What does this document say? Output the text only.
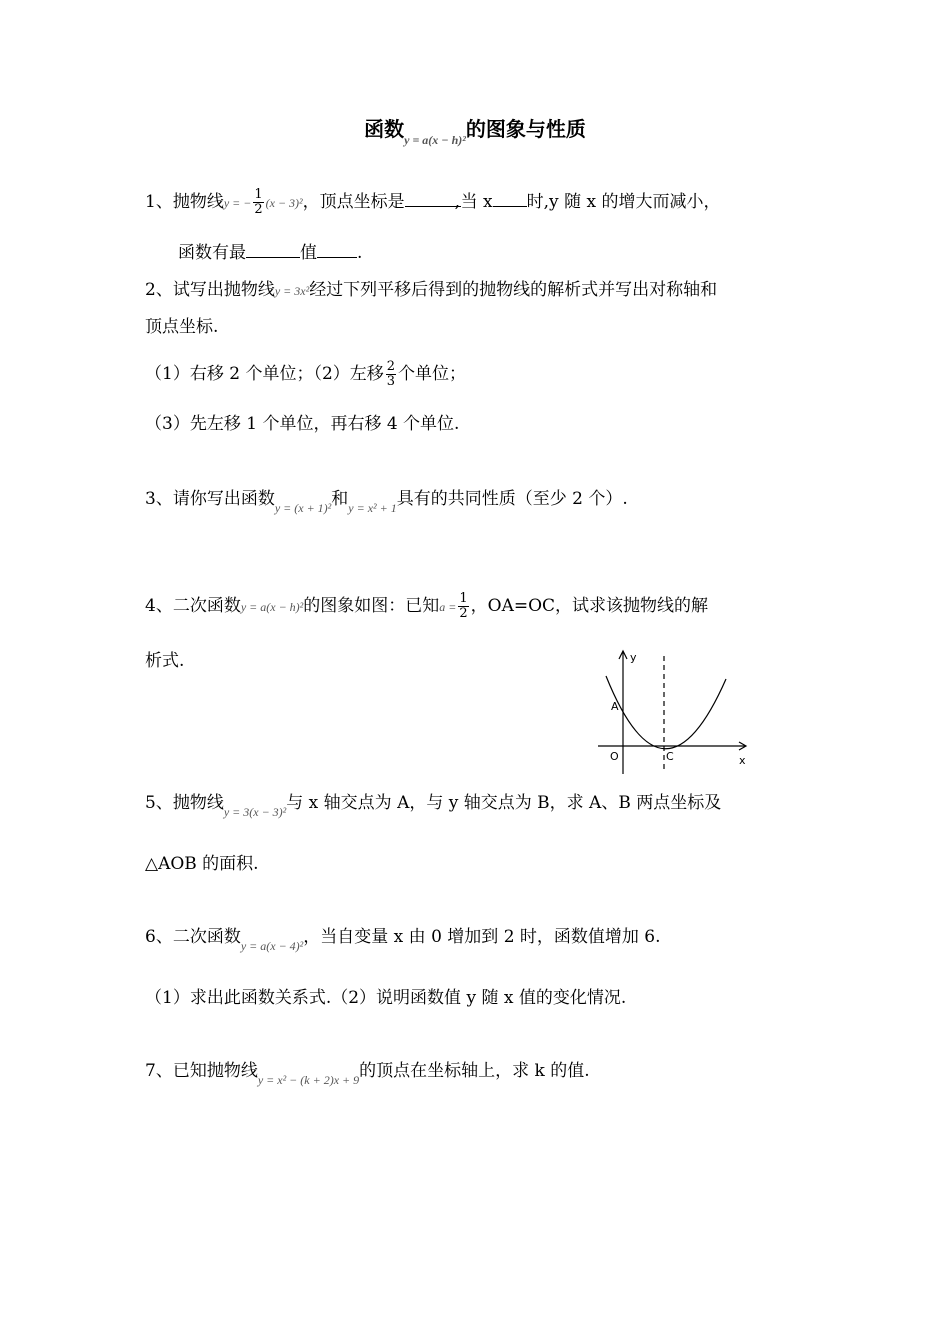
函数$_{y = a(x - h)^2}$的图象与性质
1、抛物线y = − $\frac{1}{2} (x - 3)^2$，顶点坐标是	,当 x 时,y 随 x 的增大而减小，
函数有最	值 .
2、试写出抛物线y = 3x²经过下列平移后得到的抛物线的解析式并写出对称轴和
顶点坐标.
（1）右移 2 个单位；（2）左移 $\frac{2}{3}$ 个单位；
（3）先左移 1 个单位，再右移 4 个单位.
3、请你写出函数$_{y = (x + 1)^2}$和$_{y = x^2 + 1}$具有的共同性质（至少 2 个）.
4、二次函数y = a(x − h)²的图象如图：已知$a = \frac{1}{2}$ ，OA=OC，试求该抛物线的解
析式.	y
x
A
O	C
5、抛物线$_{y = 3(x - 3)^2}$与 x 轴交点为 A，与 y 轴交点为 B，求 A、B 两点坐标及
△AOB 的面积.
6、二次函数$_{y = a(x - 4)^2}$，当自变量 x 由 0 增加到 2 时，函数值增加 6.
（1）求出此函数关系式.（2）说明函数值 y 随 x 值的变化情况.
7、已知抛物线$_{y = x^2 - (k + 2)x + 9}$的顶点在坐标轴上，求 k 的值.
